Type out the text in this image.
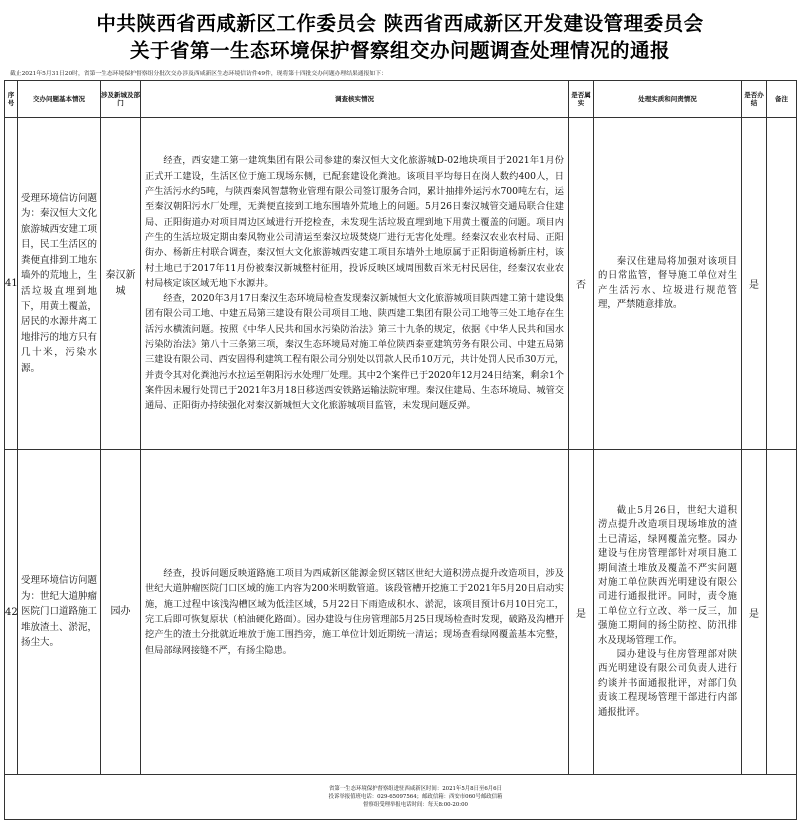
中共陕西省西咸新区工作委员会 陕西省西咸新区开发建设管理委员会
关于省第一生态环境保护督察组交办问题调查处理情况的通报
截止2021年5月31日20时，省第一生态环境保护督察组分批次交办涉及西咸新区生态环境信访件49件，现将第十四批交办问题办理结果通报如下：
序号	交办问题基本情况	涉及新城及部门	调查核实情况	是否属实	处理实质和问责情况	是否办结	备注
41	受理环境信访问题为：秦汉恒大文化旅游城西安建工项目，民工生活区的粪便直排到工地东墙外的荒地上，生活垃圾直埋到地下，用黄土覆盖，居民的水源井离工地排污的地方只有几十米，污染水源。	秦汉新城	经查，西安建工第一建筑集团有限公司参建的秦汉恒大文化旅游城D-02地块项目于2021年1月份正式开工建设，生活区位于施工现场东侧，已配套建设化粪池。该项目平均每日在岗人数约400人，日产生活污水约5吨，与陕西秦风智慧物业管理有限公司签订服务合同，累计抽排外运污水700吨左右，运至秦汉朝阳污水厂处理，无粪便直接到工地东围墙外荒地上的问题。5月26日秦汉城管交通局联合住建局、正阳街道办对项目周边区域进行开挖检查，未发现生活垃圾直埋到地下用黄土覆盖的问题。项目内产生的生活垃圾定期由秦风物业公司清运至秦汉垃圾焚烧厂进行无害化处理。经秦汉农业农村局、正阳街办、杨新庄村联合调查，秦汉恒大文化旅游城西安建工项目东墙外土地原属于正阳街道杨新庄村，该村土地已于2017年11月份被秦汉新城整村征用，投诉反映区域周围数百米无村民居住，经秦汉农业农村局核定该区域无地下水源井。

经查，2020年3月17日秦汉生态环境局检查发现秦汉新城恒大文化旅游城项目陕西建工第十建设集团有限公司工地、中建五局第三建设有限公司项目工地、陕西建工集团有限公司工地等三处工地存在生活污水横流问题。按照《中华人民共和国水污染防治法》第三十九条的规定，依据《中华人民共和国水污染防治法》第八十三条第三项，秦汉生态环境局对施工单位陕西泰亚建筑劳务有限公司、中建五局第三建设有限公司、西安固得利建筑工程有限公司分别处以罚款人民币10万元，共计处罚人民币30万元，并责令其对化粪池污水拉运至朝阳污水处理厂处理。其中2个案件已于2020年12月24日结案，剩余1个案件因未履行处罚已于2021年3月18日移送西安铁路运输法院审理。秦汉住建局、生态环境局、城管交通局、正阳街办持续强化对秦汉新城恒大文化旅游城项目监管，未发现问题反弹。	否	秦汉住建局将加强对该项目的日常监管，督导施工单位对生产生活污水、垃圾进行规范管理，严禁随意排放。	是	
42	受理环境信访问题为：世纪大道肿瘤医院门口道路施工堆放渣土、淤泥，扬尘大。	园办	经查，投诉问题反映道路施工项目为西咸新区能源金贸区辖区世纪大道积涝点提升改造项目，涉及世纪大道肿瘤医院门口区域的施工内容为200米明数管道。该段管槽开挖施工于2021年5月20日启动实施，施工过程中该浅沟槽区域为低洼区域，5月22日下雨造成积水、淤泥，该项目预计6月10日完工，完工后即可恢复原状（柏油硬化路面）。园办建设与住房管理部5月25日现场检查时发现，破路及沟槽开挖产生的渣土分批就近堆放于施工围挡旁，施工单位计划近期统一清运；现场查看绿网覆盖基本完整，但局部绿网接缝不严，有扬尘隐患。	是	截止5月26日，世纪大道积涝点提升改造项目现场堆放的渣土已清运，绿网覆盖完整。园办建设与住房管理部针对项目施工期间渣土堆放及覆盖不严实问题对施工单位陕西光明建设有限公司进行通报批评。同时，责令施工单位立行立改、举一反三，加强施工期间的扬尘防控、防汛排水及现场管理工作。

园办建设与住房管理部对陕西光明建设有限公司负责人进行约谈并书面通报批评，对部门负责该工程现场管理干部进行内部通报批评。	是	

省第一生态环境保护督察组进驻西咸新区时间：2021年5月8日至6月6日
投诉举报值班电话：029-65097564；邮政信箱：西安市060号邮政信箱
督察组受理举报电话时间：每天8:00-20:00							
